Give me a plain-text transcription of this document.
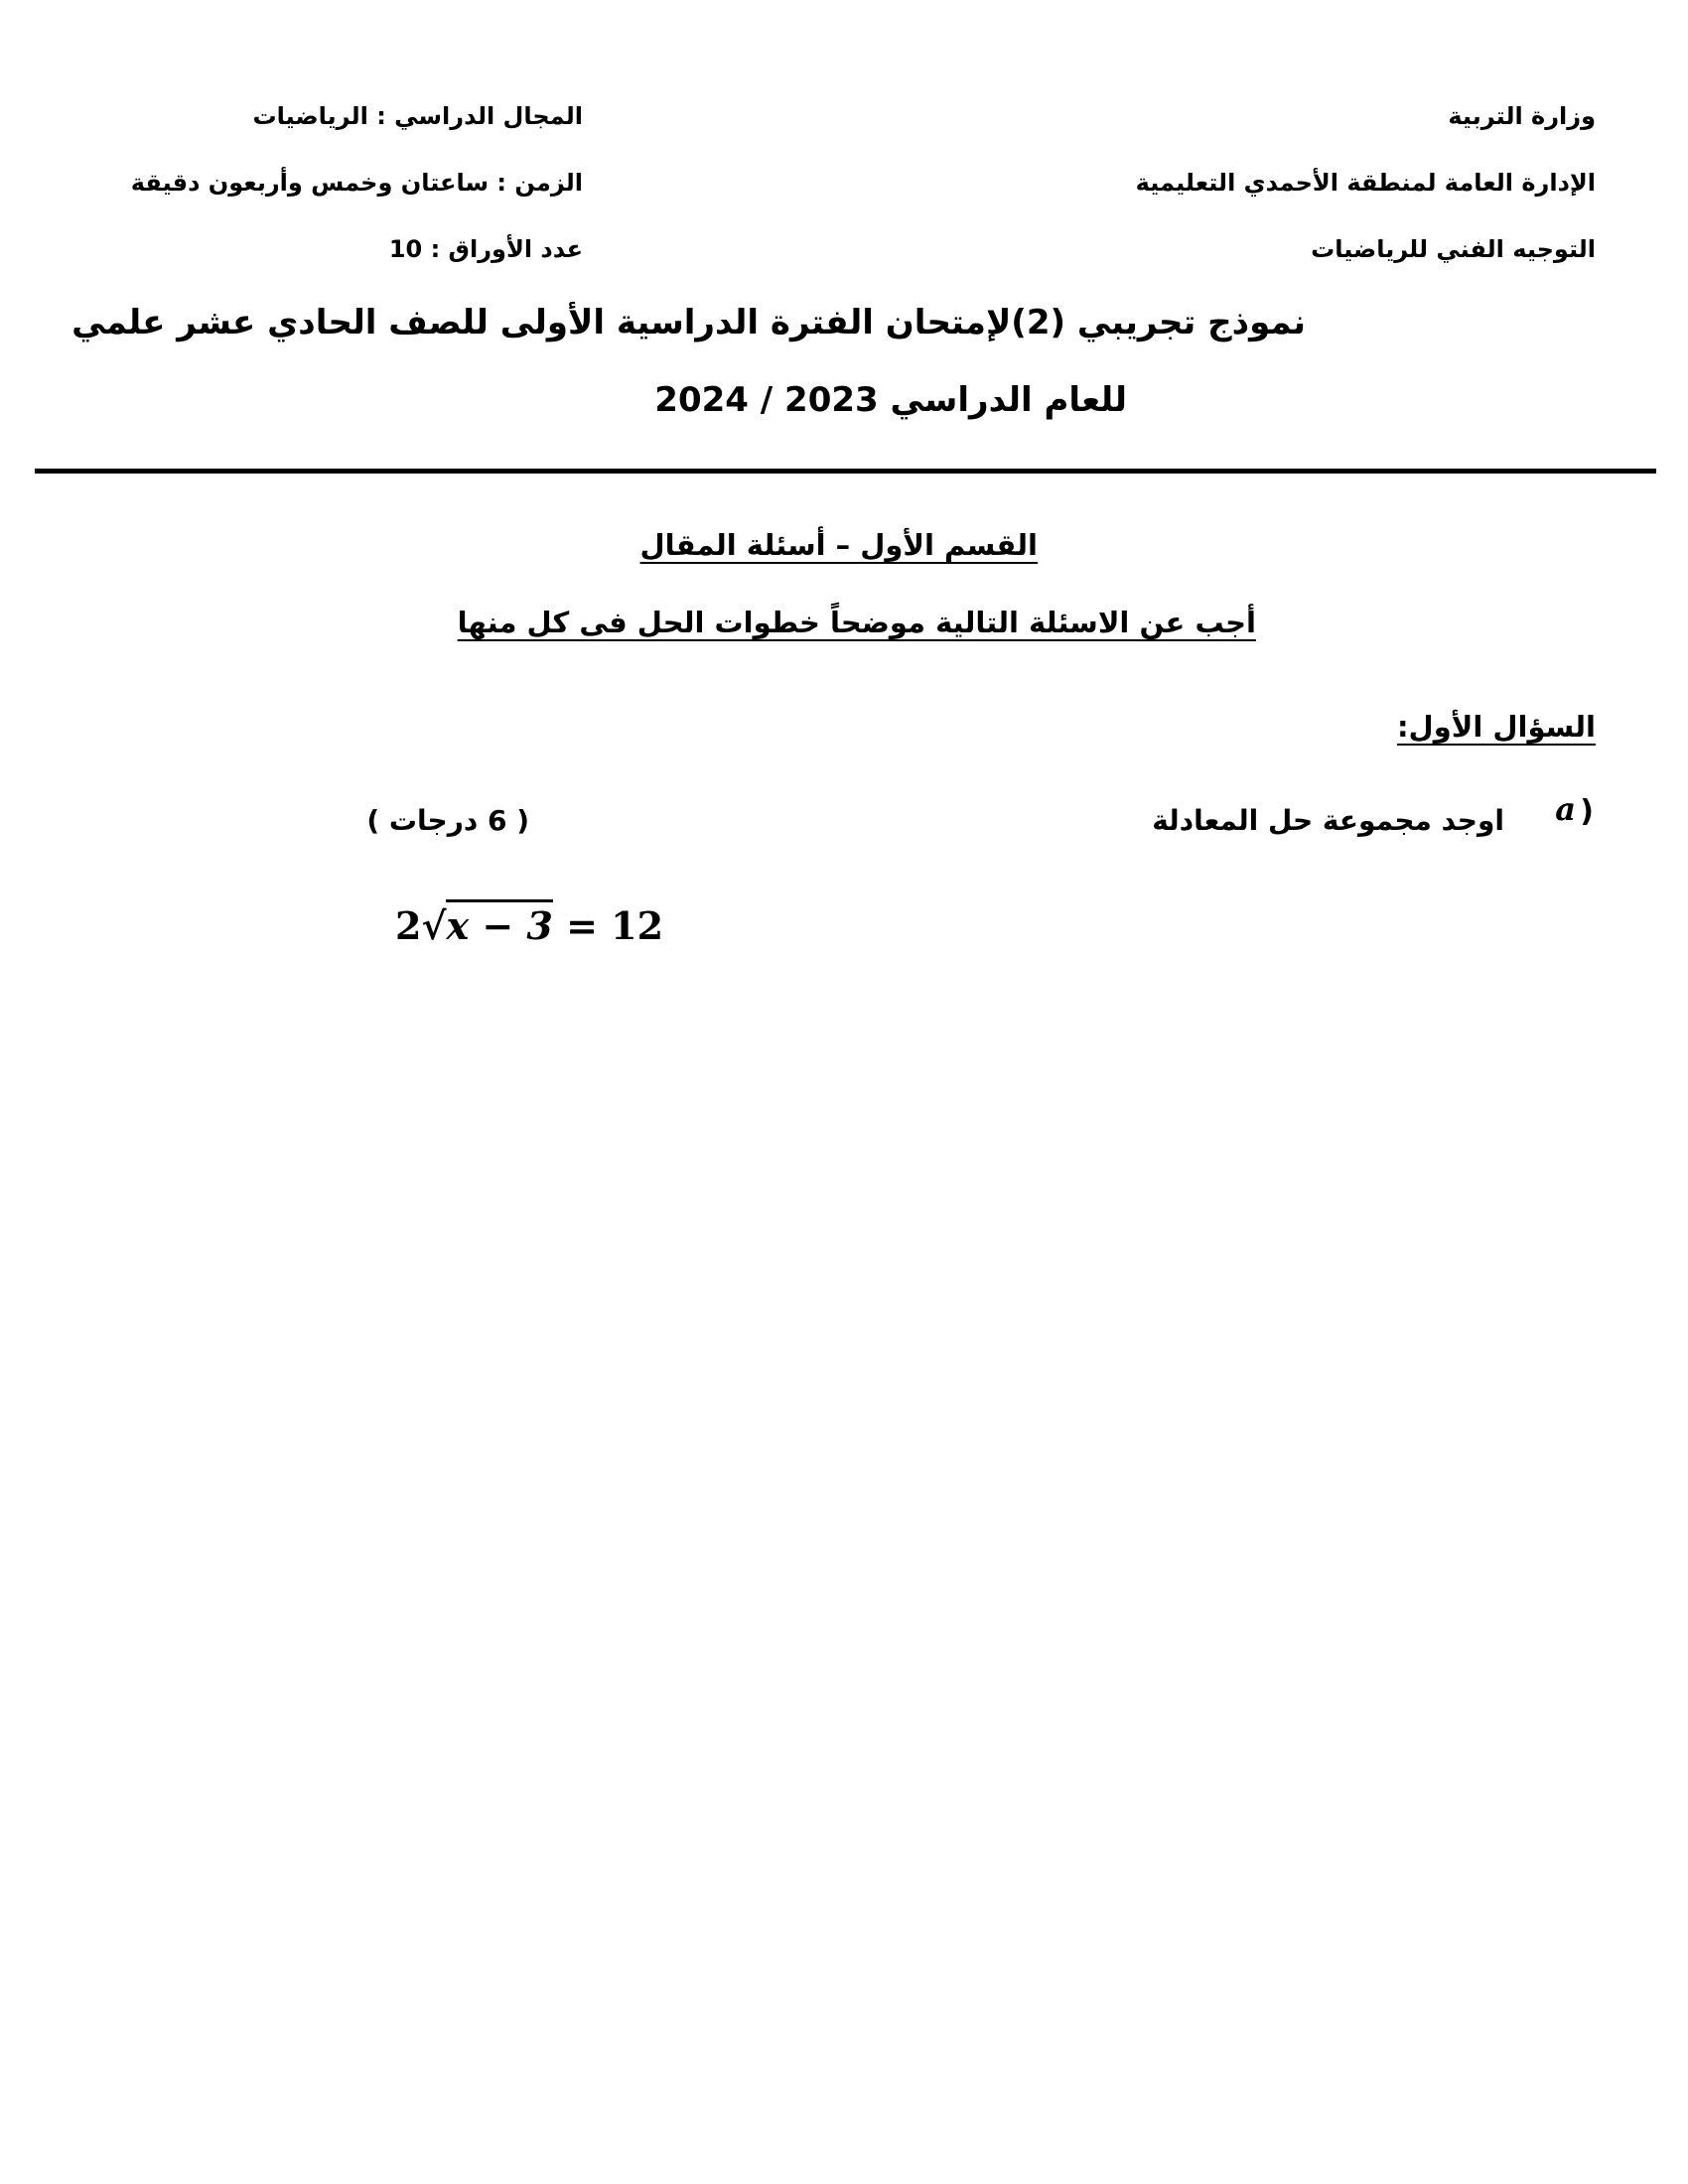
وزارة التربية
الإدارة العامة لمنطقة الأحمدي التعليمية
التوجيه الفني للرياضيات
المجال الدراسي : الرياضيات
الزمن : ساعتان وخمس وأربعون دقيقة
عدد الأوراق : 10
نموذج تجريبي (2)لإمتحان الفترة الدراسية الأولى للصف الحادي عشر علمي
للعام الدراسي 2023 / 2024
القسم الأول – أسئلة المقال
أجب عن الاسئلة التالية موضحاً خطوات الحل فى كل منها
السؤال الأول:
)
a
اوجد مجموعة حل المعادلة
( 6 درجات )
2√x − 3 = 12
